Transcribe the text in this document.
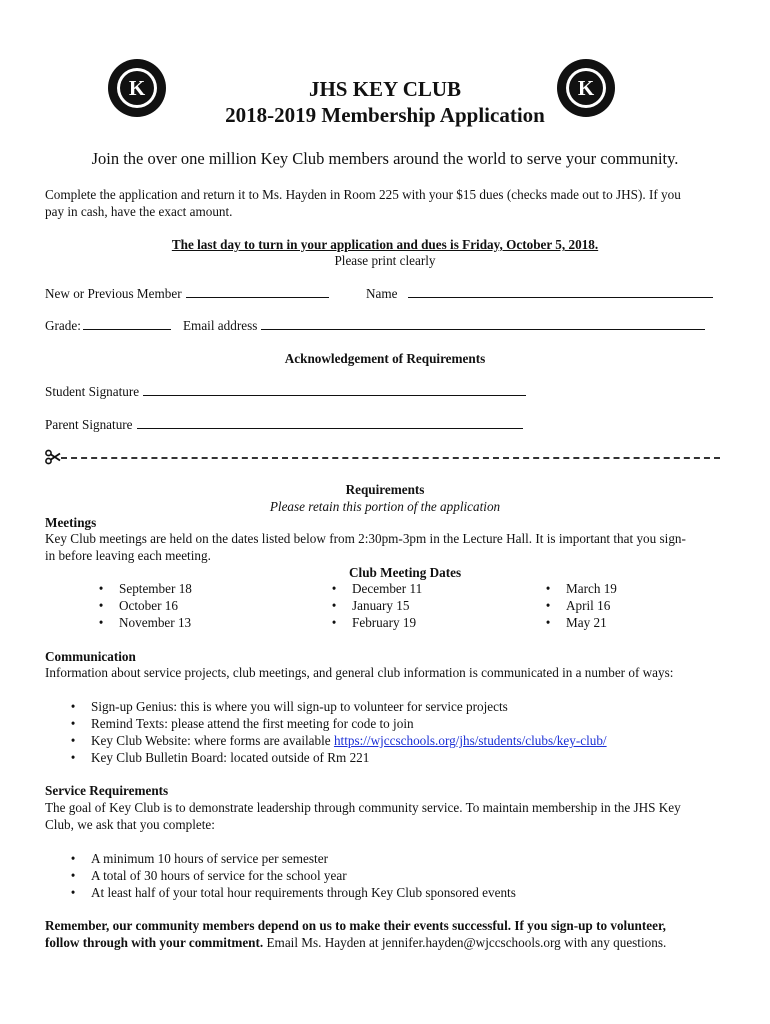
K	K
JHS KEY CLUB
2018-2019 Membership Application
Join the over one million Key Club members around the world to serve your community.
Complete the application and return it to Ms. Hayden in Room 225 with your $15 dues (checks made out to JHS). If you
pay in cash, have the exact amount.
The last day to turn in your application and dues is Friday, October 5, 2018.
Please print clearly
New or Previous Member	Name
Grade:	Email address
Acknowledgement of Requirements
Student Signature
Parent Signature
Requirements
Please retain this portion of the application
Meetings
Key Club meetings are held on the dates listed below from 2:30pm-3pm in the Lecture Hall. It is important that you sign-
in before leaving each meeting.
Club Meeting Dates
•	September 18
•	October 16
•	November 13
•	December 11
•	January 15
•	February 19
•	March 19
•	April 16
•	May 21
Communication
Information about service projects, club meetings, and general club information is communicated in a number of ways:
•	Sign-up Genius: this is where you will sign-up to volunteer for service projects
•	Remind Texts: please attend the first meeting for code to join
•	Key Club Website: where forms are available https://wjccschools.org/jhs/students/clubs/key-club/
•	Key Club Bulletin Board: located outside of Rm 221
Service Requirements
The goal of Key Club is to demonstrate leadership through community service. To maintain membership in the JHS Key
Club, we ask that you complete:
•	A minimum 10 hours of service per semester
•	A total of 30 hours of service for the school year
•	At least half of your total hour requirements through Key Club sponsored events
Remember, our community members depend on us to make their events successful. If you sign-up to volunteer,
follow through with your commitment. Email Ms. Hayden at jennifer.hayden@wjccschools.org with any questions.
